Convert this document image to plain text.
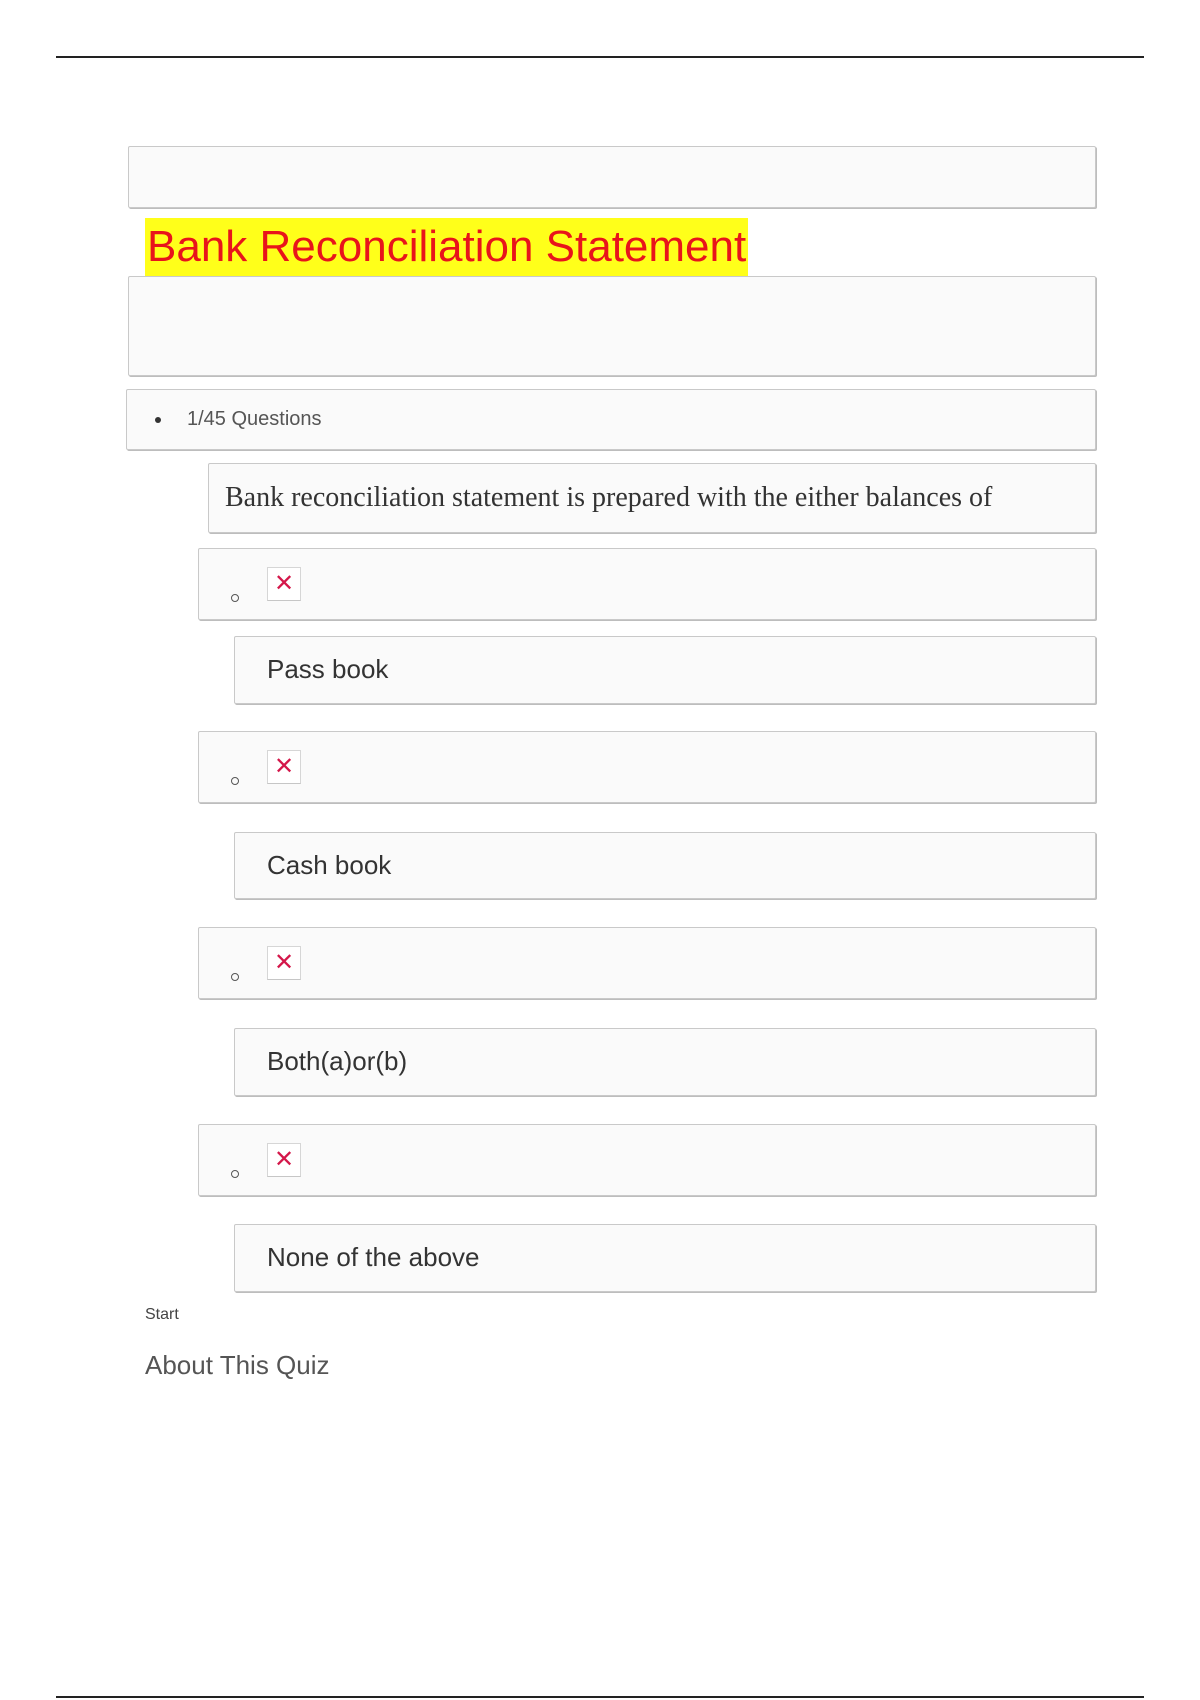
Bank Reconciliation Statement
1/45 Questions
Bank reconciliation statement is prepared with the either balances of
✕
Pass book
✕
Cash book
✕
Both(a)or(b)
✕
None of the above
Start
About This Quiz
